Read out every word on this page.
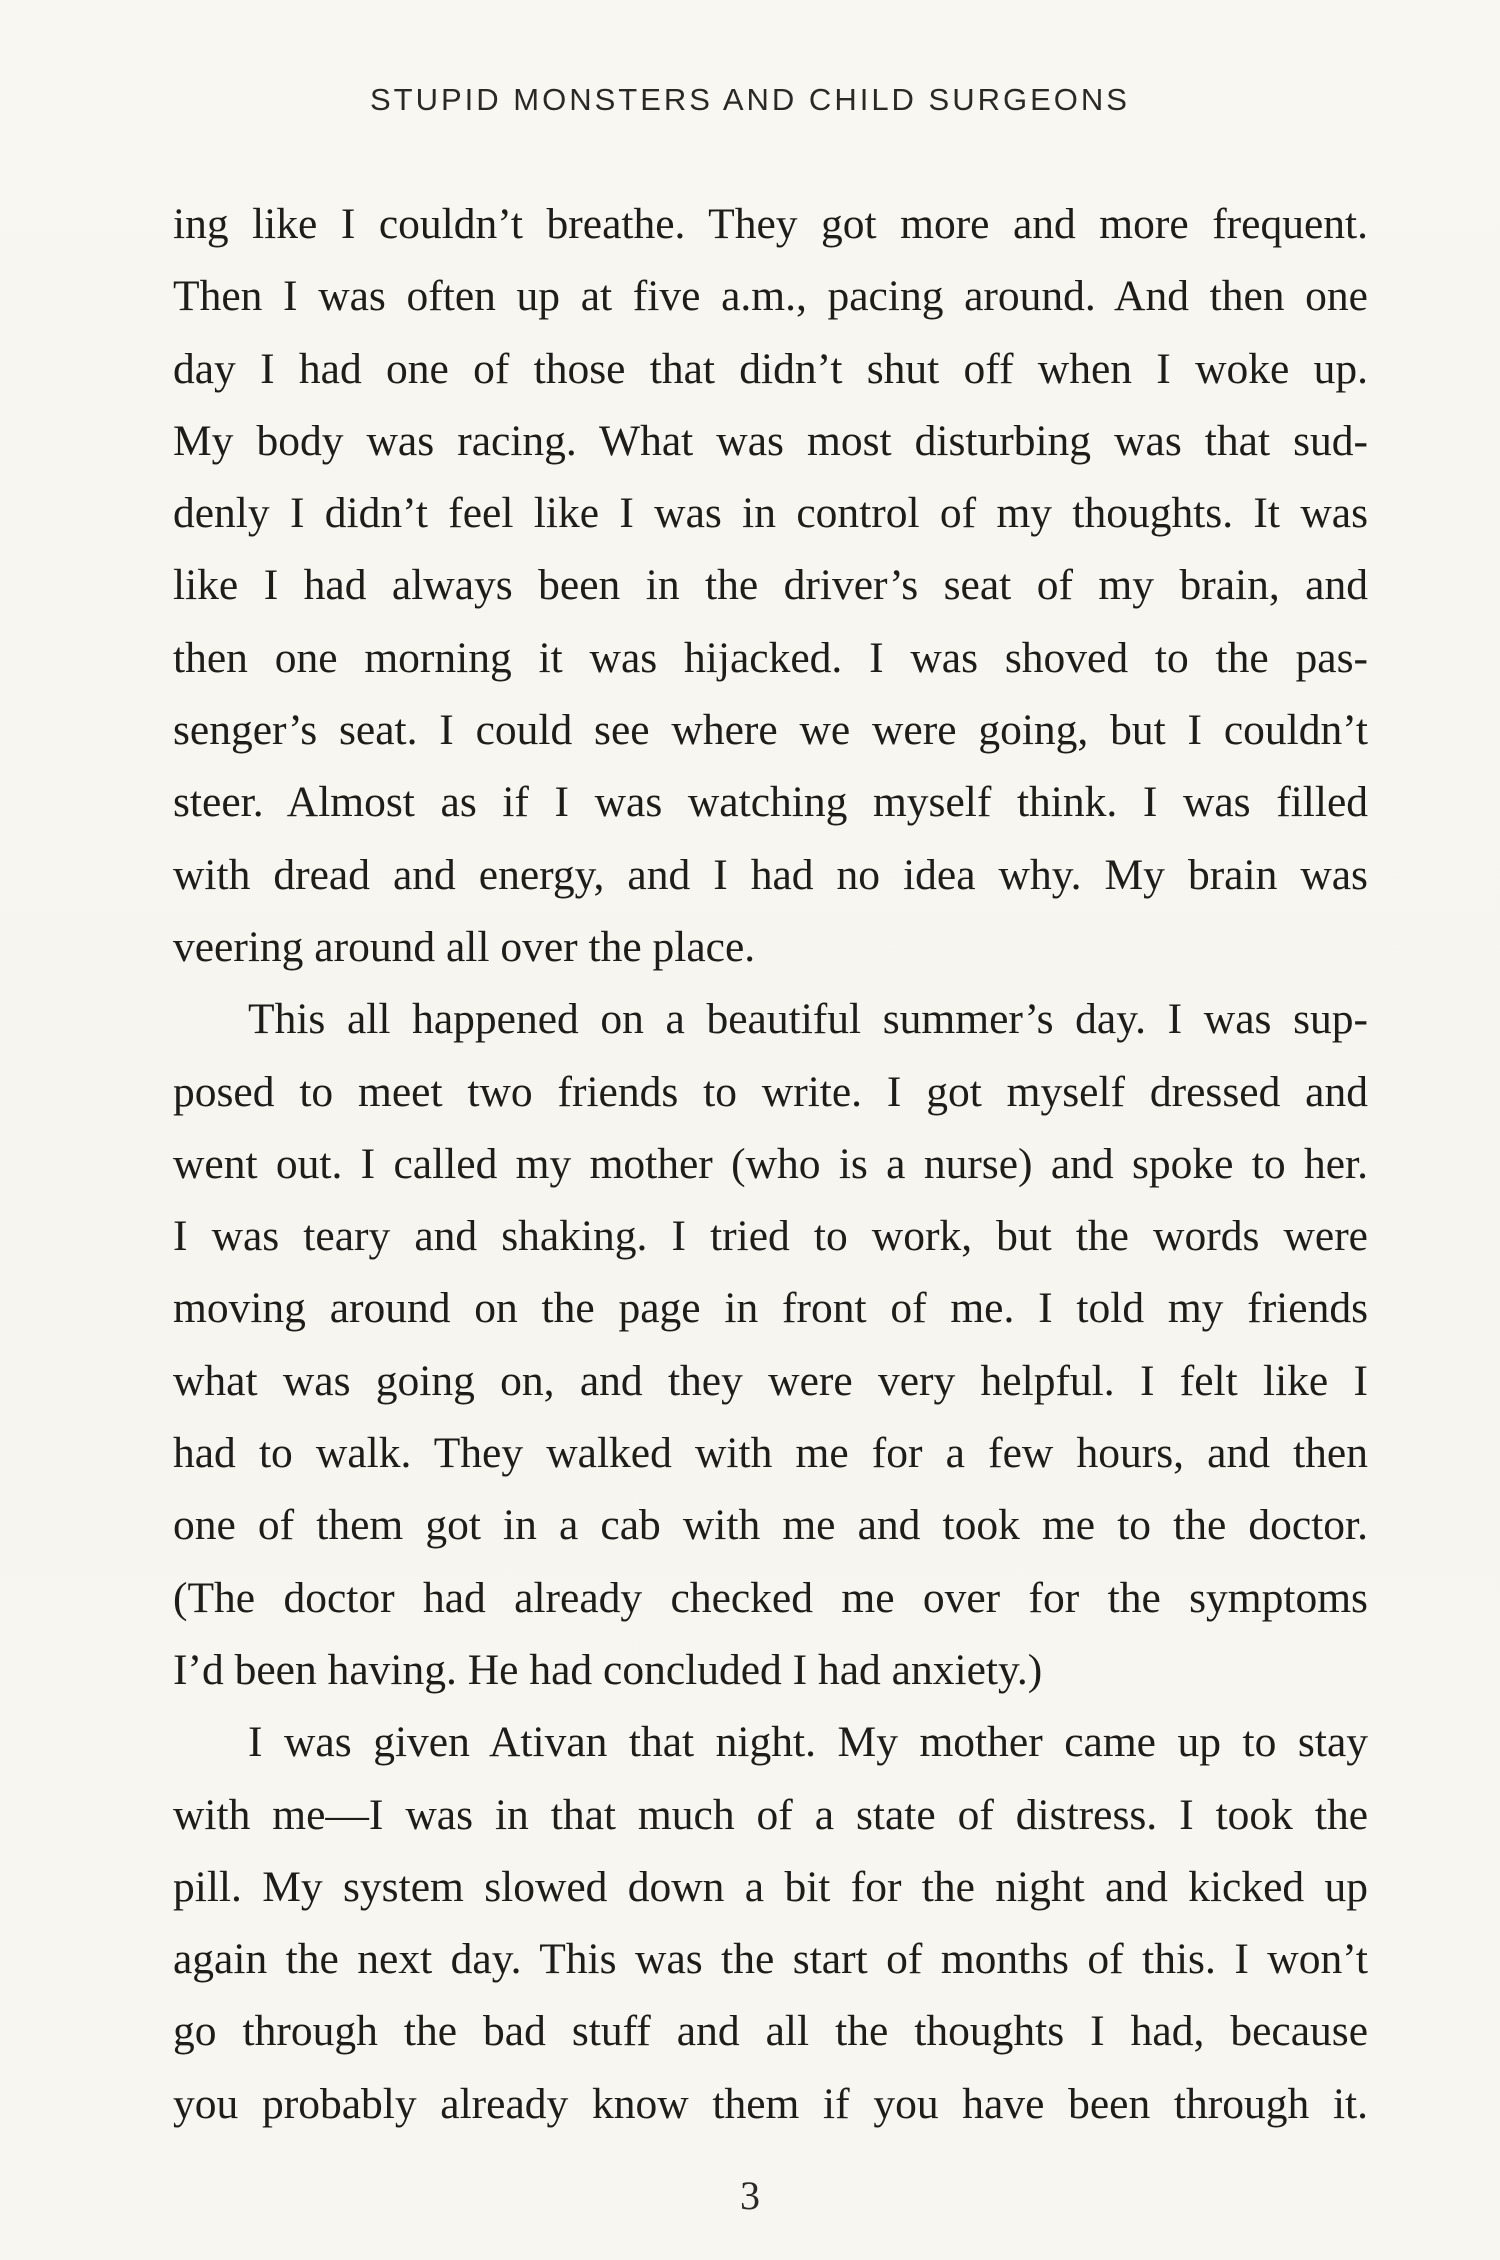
STUPID MONSTERS AND CHILD SURGEONS
ing like I couldn’t breathe. They got more and more frequent.
Then I was often up at five a.m., pacing around. And then one
day I had one of those that didn’t shut off when I woke up.
My body was racing. What was most disturbing was that sud-
denly I didn’t feel like I was in control of my thoughts. It was
like I had always been in the driver’s seat of my brain, and
then one morning it was hijacked. I was shoved to the pas-
senger’s seat. I could see where we were going, but I couldn’t
steer. Almost as if I was watching myself think. I was filled
with dread and energy, and I had no idea why. My brain was
veering around all over the place.
This all happened on a beautiful summer’s day. I was sup-
posed to meet two friends to write. I got myself dressed and
went out. I called my mother (who is a nurse) and spoke to her.
I was teary and shaking. I tried to work, but the words were
moving around on the page in front of me. I told my friends
what was going on, and they were very helpful. I felt like I
had to walk. They walked with me for a few hours, and then
one of them got in a cab with me and took me to the doctor.
(The doctor had already checked me over for the symptoms
I’d been having. He had concluded I had anxiety.)
I was given Ativan that night. My mother came up to stay
with me—I was in that much of a state of distress. I took the
pill. My system slowed down a bit for the night and kicked up
again the next day. This was the start of months of this. I won’t
go through the bad stuff and all the thoughts I had, because
you probably already know them if you have been through it.
3
